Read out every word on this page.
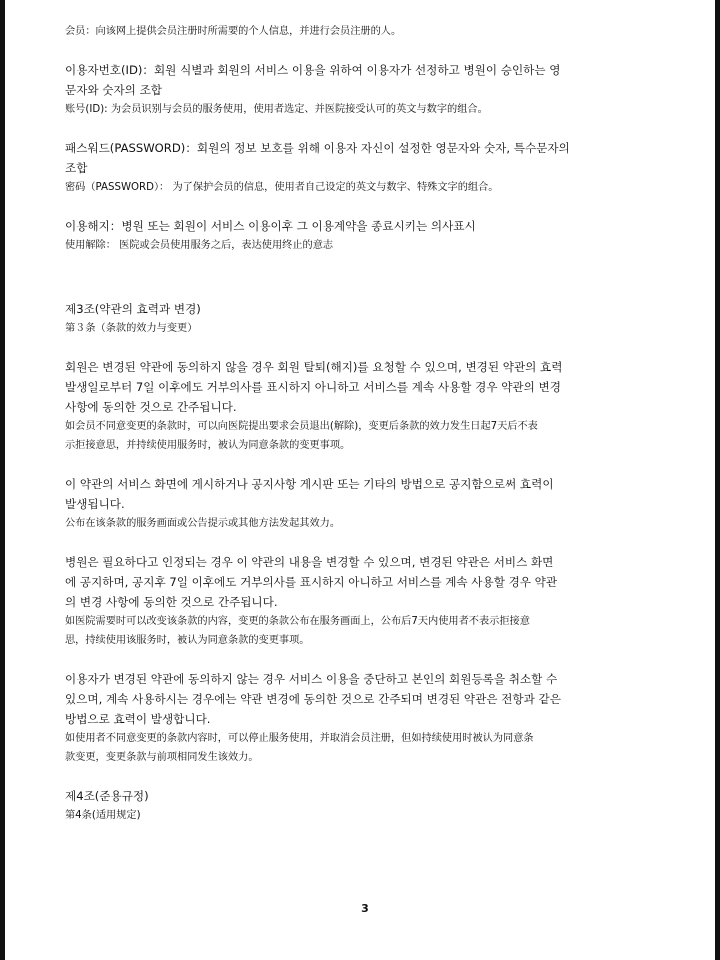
会员：向该网上提供会员注册时所需要的个人信息，并进行会员注册的人。
이용자번호(ID)：회원 식별과 회원의 서비스 이용을 위하여 이용자가 선정하고 병원이 승인하는 영
문자와 숫자의 조합
账号(ID): 为会员识别与会员的服务使用，使用者选定、并医院接受认可的英文与数字的组合。
패스워드(PASSWORD)：회원의 정보 보호를 위해 이용자 자신이 설정한 영문자와 숫자, 특수문자의
조합
密码（PASSWORD）： 为了保护会员的信息，使用者自己设定的英文与数字、特殊文字的组合。
이용해지：병원 또는 회원이 서비스 이용이후 그 이용계약을 종료시키는 의사표시
使用解除： 医院或会员使用服务之后，表达使用终止的意志
제3조(약관의 효력과 변경)
第３条（条款的效力与变更）
회원은 변경된 약관에 동의하지 않을 경우 회원 탈퇴(해지)를 요청할 수 있으며, 변경된 약관의 효력
발생일로부터 7일 이후에도 거부의사를 표시하지 아니하고 서비스를 계속 사용할 경우 약관의 변경
사항에 동의한 것으로 간주됩니다.
如会员不同意变更的条款时，可以向医院提出要求会员退出(解除)，变更后条款的效力发生日起7天后不表
示拒接意思，并持续使用服务时，被认为同意条款的变更事项。
이 약관의 서비스 화면에 게시하거나 공지사항 게시판 또는 기타의 방법으로 공지함으로써 효력이
발생됩니다.
公布在该条款的服务画面或公告提示或其他方法发起其效力。
병원은 필요하다고 인정되는 경우 이 약관의 내용을 변경할 수 있으며, 변경된 약관은 서비스 화면
에 공지하며, 공지후 7일 이후에도 거부의사를 표시하지 아니하고 서비스를 계속 사용할 경우 약관
의 변경 사항에 동의한 것으로 간주됩니다.
如医院需要时可以改变该条款的内容，变更的条款公布在服务画面上，公布后7天内使用者不表示拒接意
思，持续使用该服务时，被认为同意条款的变更事项。
이용자가 변경된 약관에 동의하지 않는 경우 서비스 이용을 중단하고 본인의 회원등록을 취소할 수
있으며, 계속 사용하시는 경우에는 약관 변경에 동의한 것으로 간주되며 변경된 약관은 전항과 같은
방법으로 효력이 발생합니다.
如使用者不同意变更的条款内容时，可以停止服务使用，并取消会员注册，但如持续使用时被认为同意条
款变更，变更条款与前项相同发生该效力。
제4조(준용규정)
第4条(适用规定)
3
